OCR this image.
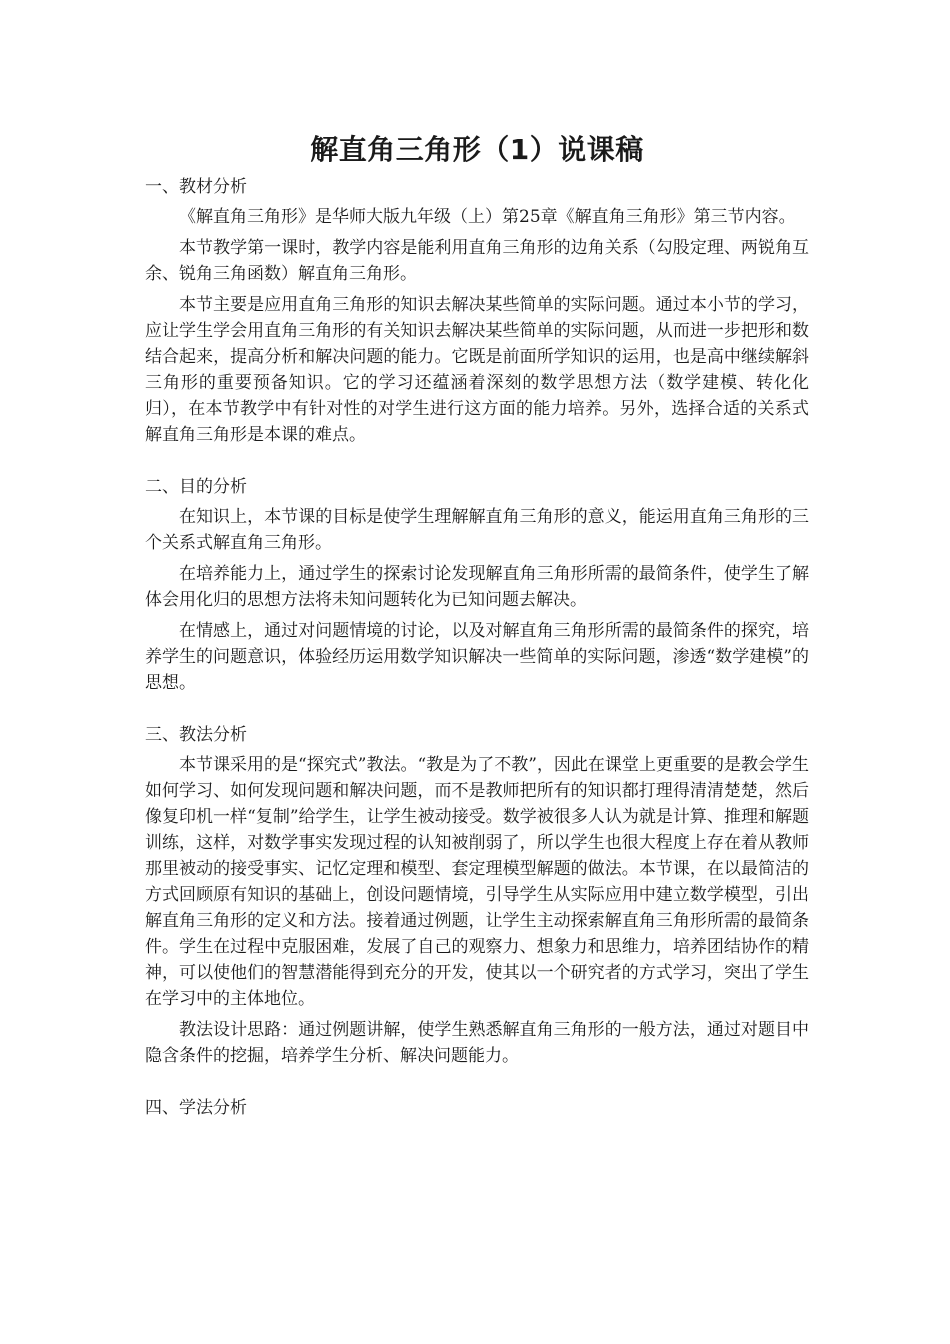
解直角三角形（1）说课稿

一、教材分析

《解直角三角形》是华师大版九年级（上）第25章《解直角三角形》第三节内容。

本节教学第一课时，教学内容是能利用直角三角形的边角关系（勾股定理、两锐角互余、锐角三角函数）解直角三角形。

本节主要是应用直角三角形的知识去解决某些简单的实际问题。通过本小节的学习，应让学生学会用直角三角形的有关知识去解决某些简单的实际问题，从而进一步把形和数结合起来，提高分析和解决问题的能力。它既是前面所学知识的运用，也是高中继续解斜三角形的重要预备知识。它的学习还蕴涵着深刻的数学思想方法（数学建模、转化化归），在本节教学中有针对性的对学生进行这方面的能力培养。另外，选择合适的关系式解直角三角形是本课的难点。

二、目的分析

在知识上，本节课的目标是使学生理解解直角三角形的意义，能运用直角三角形的三个关系式解直角三角形。

在培养能力上，通过学生的探索讨论发现解直角三角形所需的最简条件，使学生了解体会用化归的思想方法将未知问题转化为已知问题去解决。

在情感上，通过对问题情境的讨论，以及对解直角三角形所需的最简条件的探究，培养学生的问题意识，体验经历运用数学知识解决一些简单的实际问题，渗透“数学建模”的思想。

三、教法分析

本节课采用的是“探究式”教法。“教是为了不教”，因此在课堂上更重要的是教会学生如何学习、如何发现问题和解决问题，而不是教师把所有的知识都打理得清清楚楚，然后像复印机一样“复制”给学生，让学生被动接受。数学被很多人认为就是计算、推理和解题训练，这样，对数学事实发现过程的认知被削弱了，所以学生也很大程度上存在着从教师那里被动的接受事实、记忆定理和模型、套定理模型解题的做法。本节课，在以最简洁的方式回顾原有知识的基础上，创设问题情境，引导学生从实际应用中建立数学模型，引出解直角三角形的定义和方法。接着通过例题，让学生主动探索解直角三角形所需的最简条件。学生在过程中克服困难，发展了自己的观察力、想象力和思维力，培养团结协作的精神，可以使他们的智慧潜能得到充分的开发，使其以一个研究者的方式学习，突出了学生在学习中的主体地位。

教法设计思路：通过例题讲解，使学生熟悉解直角三角形的一般方法，通过对题目中隐含条件的挖掘，培养学生分析、解决问题能力。

四、学法分析
